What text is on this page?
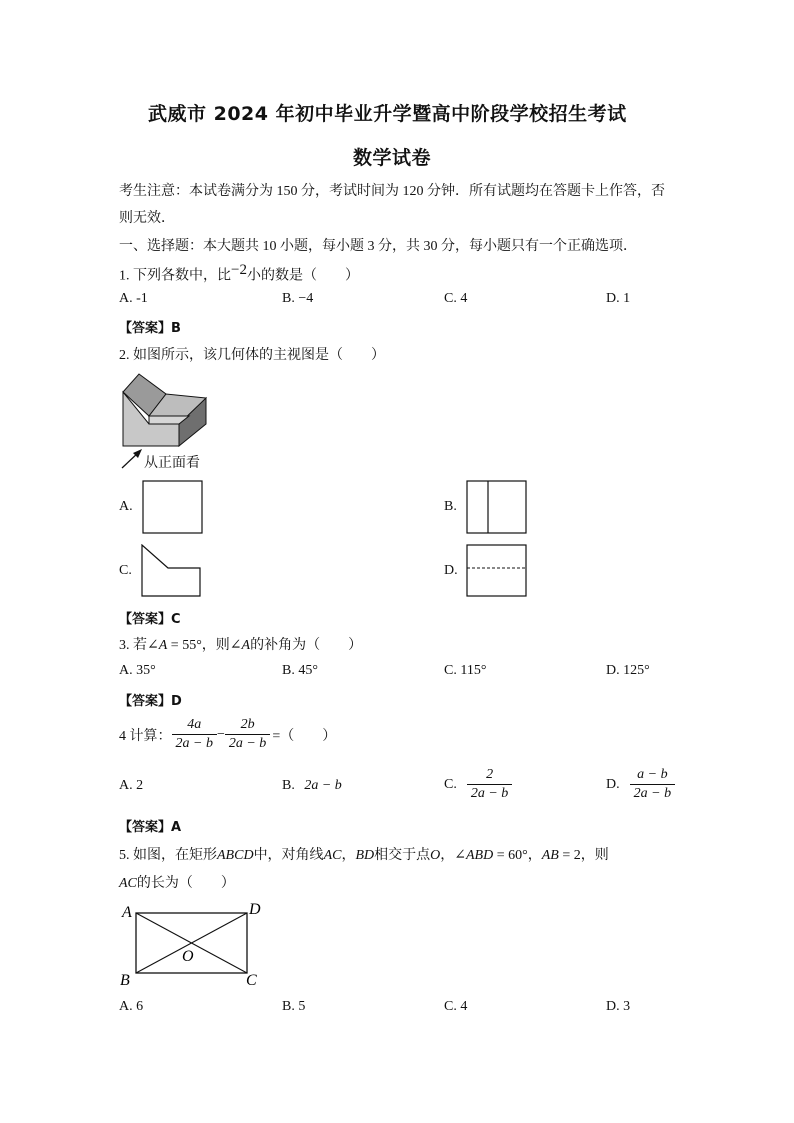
武威市 2024 年初中毕业升学暨高中阶段学校招生考试
数学试卷
考生注意：本试卷满分为 150 分，考试时间为 120 分钟．所有试题均在答题卡上作答，否
则无效．
一、选择题：本大题共 10 小题，每小题 3 分，共 30 分，每小题只有一个正确选项．
1. 下列各数中，比$^{-2}$小的数是（　　）
A. -1	B. −4	C. 4	D. 1
【答案】B
2. 如图所示，该几何体的主视图是（　　）
从正面看
A.	B.
C.	D.
【答案】C
3. 若∠A = 55°，则∠A的补角为（　　）
A. 35°	B. 45°	C. 115°	D. 125°
【答案】D
4 计算： $\frac{4a}{2a - b} - \frac{2b}{2a - b}$ =（　　）
A. 2	B. 2a − b	C. $\frac{2}{2a - b}$	D. $\frac{a - b}{2a - b}$
【答案】A
5. 如图，在矩形ABCD中，对角线AC，BD相交于点O，∠ABD = 60°，AB = 2，则
AC的长为（　　）
A	D
B	C
O
A. 6	B. 5	C. 4	D. 3
